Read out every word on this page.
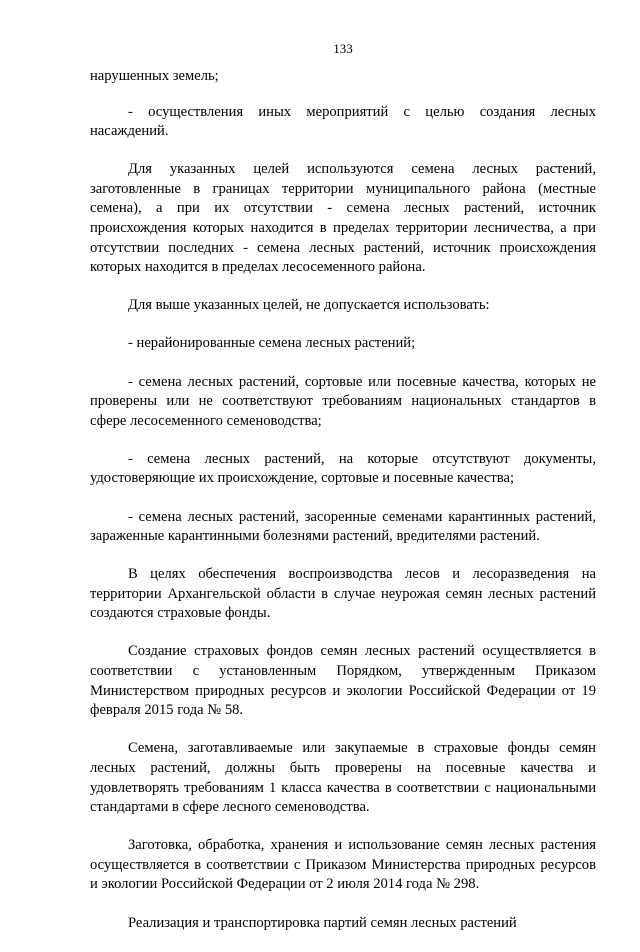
133

нарушенных земель;

- осуществления иных мероприятий с целью создания лесных насаждений.

Для указанных целей используются семена лесных растений, заготовленные в границах территории муниципального района (местные семена), а при их отсутствии - семена лесных растений, источник происхождения которых находится в пределах территории лесничества, а при отсутствии последних - семена лесных растений, источник происхождения которых находится в пределах лесосеменного района.

Для выше указанных целей, не допускается использовать:

- нерайонированные семена лесных растений;

- семена лесных растений, сортовые или посевные качества, которых не проверены или не соответствуют требованиям национальных стандартов в сфере лесосеменного семеноводства;

- семена лесных растений, на которые отсутствуют документы, удостоверяющие их происхождение, сортовые и посевные качества;

- семена лесных растений, засоренные семенами карантинных растений, зараженные карантинными болезнями растений, вредителями растений.

В целях обеспечения воспроизводства лесов и лесоразведения на территории Архангельской области в случае неурожая семян лесных растений создаются страховые фонды.

Создание страховых фондов семян лесных растений осуществляется в соответствии с установленным Порядком, утвержденным Приказом Министерством природных ресурсов и экологии Российской Федерации от 19 февраля 2015 года № 58.

Семена, заготавливаемые или закупаемые в страховые фонды семян лесных растений, должны быть проверены на посевные качества и удовлетворять требованиям 1 класса качества в соответствии с национальными стандартами в сфере лесного семеноводства.

Заготовка, обработка, хранения и использование семян лесных растения осуществляется в соответствии с Приказом Министерства природных ресурсов и экологии Российской Федерации от 2 июля 2014 года № 298.

Реализация и транспортировка партий семян лесных растений
